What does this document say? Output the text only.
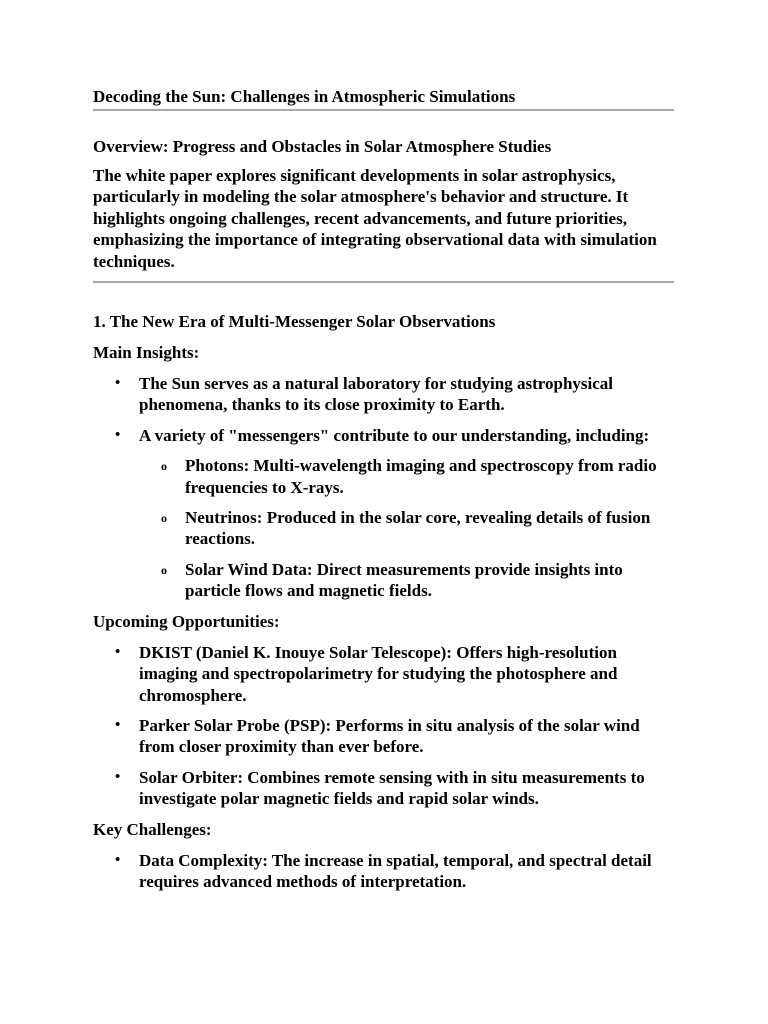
Decoding the Sun: Challenges in Atmospheric Simulations

Overview: Progress and Obstacles in Solar Atmosphere Studies

The white paper explores significant developments in solar astrophysics, particularly in modeling the solar atmosphere's behavior and structure. It highlights ongoing challenges, recent advancements, and future priorities, emphasizing the importance of integrating observational data with simulation techniques.

1. The New Era of Multi-Messenger Solar Observations

Main Insights:

• The Sun serves as a natural laboratory for studying astrophysical phenomena, thanks to its close proximity to Earth.
• A variety of "messengers" contribute to our understanding, including:
o Photons: Multi-wavelength imaging and spectroscopy from radio frequencies to X-rays.
o Neutrinos: Produced in the solar core, revealing details of fusion reactions.
o Solar Wind Data: Direct measurements provide insights into particle flows and magnetic fields.

Upcoming Opportunities:

• DKIST (Daniel K. Inouye Solar Telescope): Offers high-resolution imaging and spectropolarimetry for studying the photosphere and chromosphere.
• Parker Solar Probe (PSP): Performs in situ analysis of the solar wind from closer proximity than ever before.
• Solar Orbiter: Combines remote sensing with in situ measurements to investigate polar magnetic fields and rapid solar winds.

Key Challenges:

• Data Complexity: The increase in spatial, temporal, and spectral detail requires advanced methods of interpretation.
